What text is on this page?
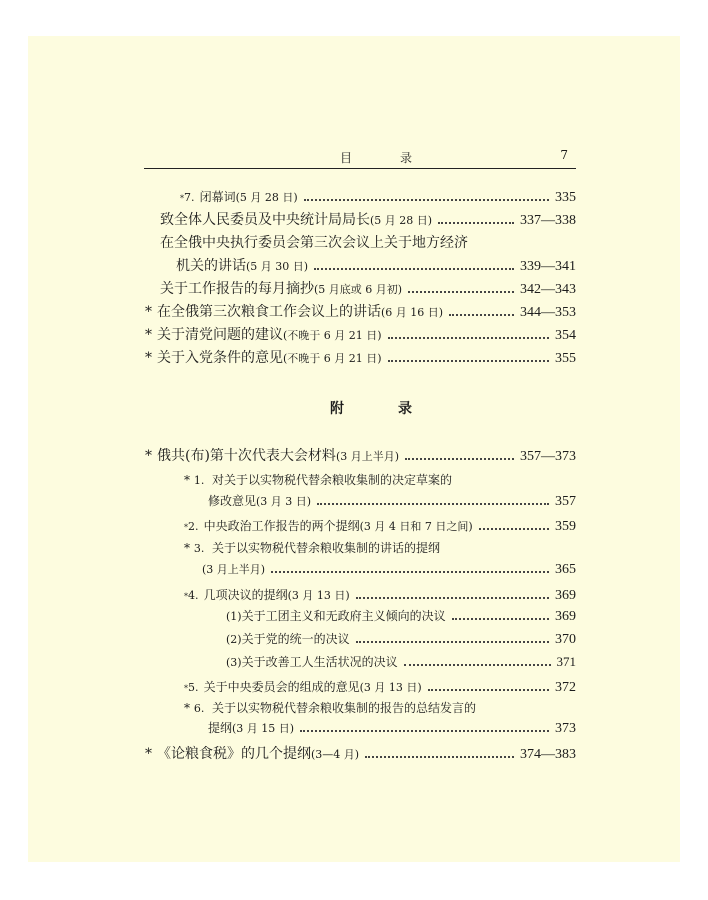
目　录	7
* 7.
闭幕词 (5 月 28 日)	335
致全体人民委员及中央统计局局长 (5 月 28 日)	337—338
在全俄中央执行委员会第三次会议上关于地方经济
机关的讲话 (5 月 30 日)	339—341
关于工作报告的每月摘抄 (5 月底或 6 月初)	342—343
* 在全俄第三次粮食工作会议上的讲话 (6 月 16 日)	344—353
* 关于清党问题的建议 (不晚于 6 月 21 日)	354
* 关于入党条件的意见 (不晚于 6 月 21 日)	355
附　录
* 俄共(布)第十次代表大会材料 (3 月上半月)	357—373
* 1. 对关于以实物税代替余粮收集制的决定草案的
修改意见 (3 月 3 日)	357
* 2.
中央政治工作报告的两个提纲 (3 月 4 日和 7 日之间)	359
* 3. 关于以实物税代替余粮收集制的讲话的提纲
(3 月上半月)	365
* 4.
几项决议的提纲 (3 月 13 日)	369
(1) 关于工团主义和无政府主义倾向的决议	369
(2) 关于党的统一的决议	370
(3) 关于改善工人生活状况的决议	371
* 5.
关于中央委员会的组成的意见 (3 月 13 日)	372
* 6. 关于以实物税代替余粮收集制的报告的总结发言的
提纲 (3 月 15 日)	373
* 《论粮食税》的几个提纲 (3—4 月)	374—383
